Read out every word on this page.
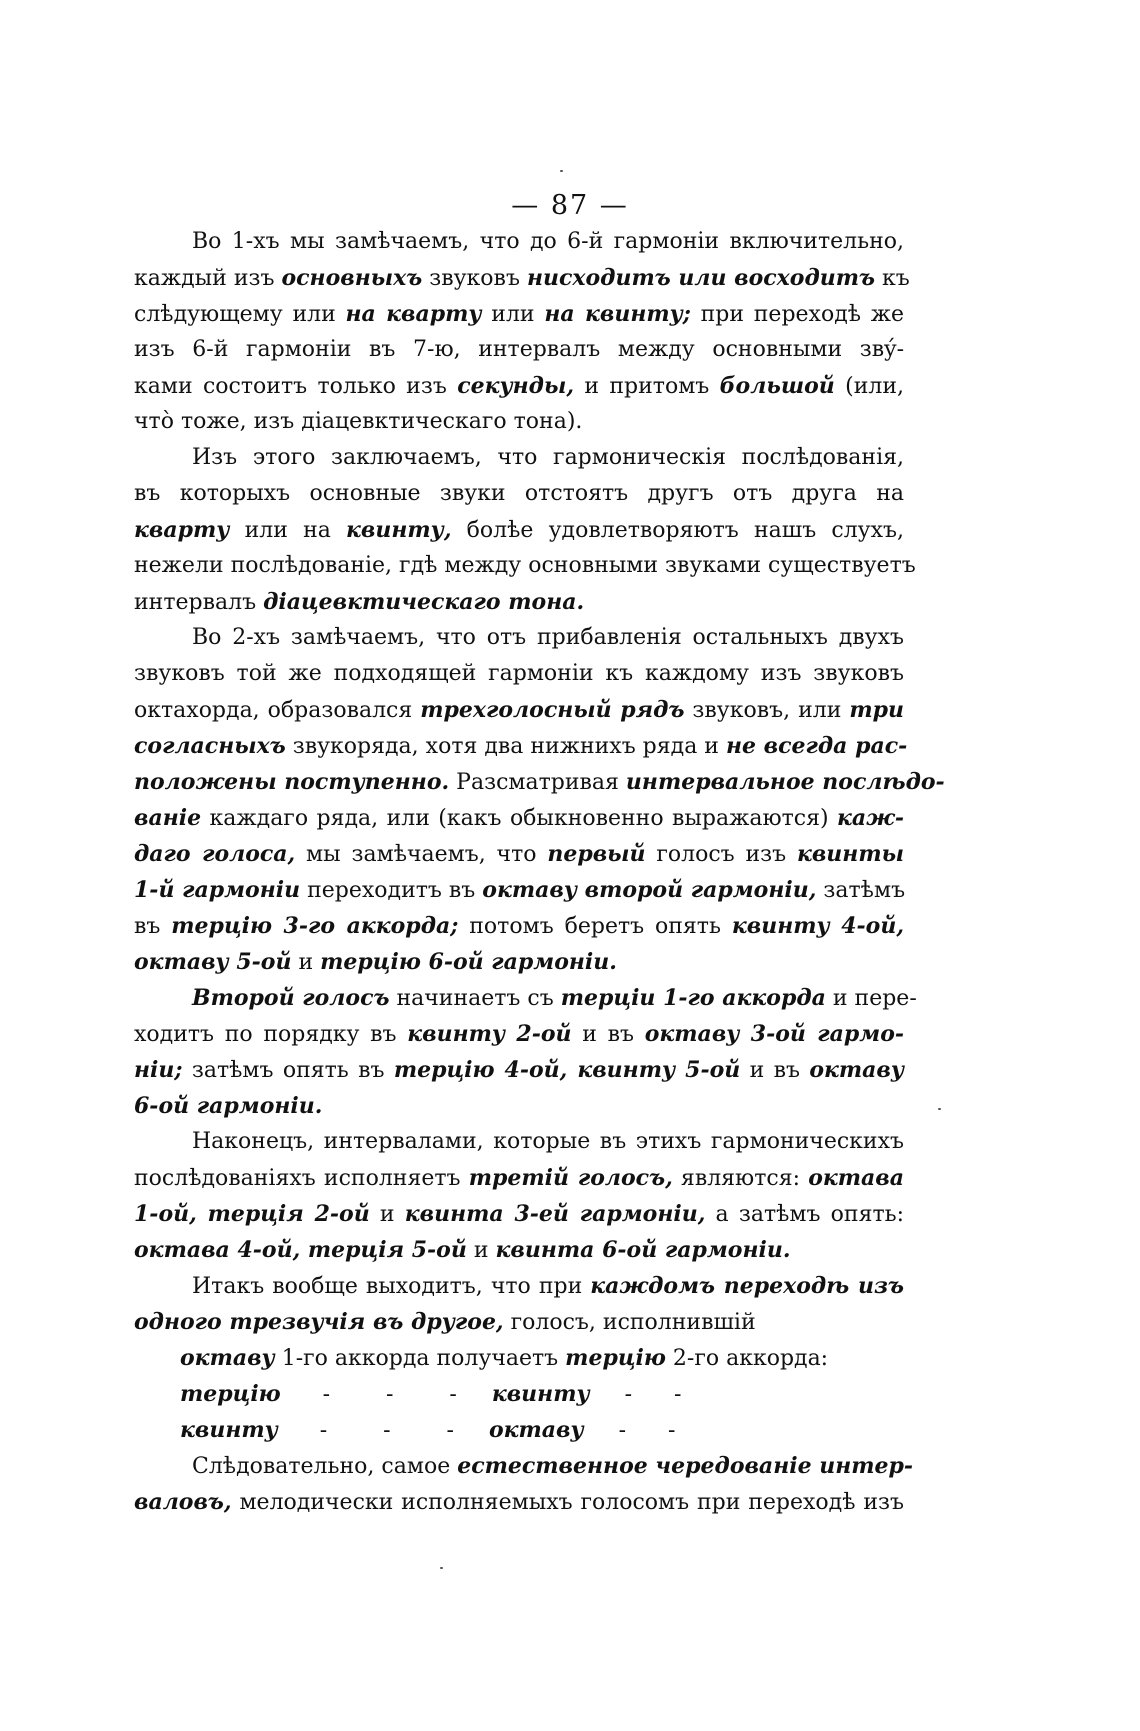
— 87 —
Во 1-хъ мы замѣчаемъ, что до 6-й гармоніи включительно,
каждый изъ основныхъ звуковъ нисходитъ или восходитъ къ
слѣдующему или на кварту или на квинту; при переходѣ же
изъ 6-й гармоніи въ 7-ю, интервалъ между основными звý-
ками состоитъ только изъ секунды, и притомъ большой (или,
чтò тоже, изъ діацевктическаго тона).
Изъ этого заключаемъ, что гармоническія послѣдованія,
въ которыхъ основные звуки отстоятъ другъ отъ друга на
кварту или на квинту, болѣе удовлетворяютъ нашъ слухъ,
нежели послѣдованіе, гдѣ между основными звуками существуетъ
интервалъ діацевктическаго тона.
Во 2-хъ замѣчаемъ, что отъ прибавленія остальныхъ двухъ
звуковъ той же подходящей гармоніи къ каждому изъ звуковъ
октахорда, образовался трехголосный рядъ звуковъ, или три
согласныхъ звукоряда, хотя два нижнихъ ряда и не всегда рас-
положены поступенно. Разсматривая интервальное послѣдо-
ваніе каждаго ряда, или (какъ обыкновенно выражаются) каж-
даго голоса, мы замѣчаемъ, что первый голосъ изъ квинты
1-й гармоніи переходитъ въ октаву второй гармоніи, затѣмъ
въ терцію 3-го аккорда; потомъ беретъ опять квинту 4-ой,
октаву 5-ой и терцію 6-ой гармоніи.
Второй голосъ начинаетъ съ терціи 1-го аккорда и пере-
ходитъ по порядку въ квинту 2-ой и въ октаву 3-ой гармо-
нiи; затѣмъ опять въ терцію 4-ой, квинту 5-ой и въ октаву
6-ой гармоніи.
Наконецъ, интервалами, которые въ этихъ гармоническихъ
послѣдованіяхъ исполняетъ третій голосъ, являются: октава
1-ой, терція 2-ой и квинта 3-ей гармоніи, а затѣмъ опять:
октава 4-ой, терція 5-ой и квинта 6-ой гармоніи.
Итакъ вообще выходитъ, что при каждомъ переходѣ изъ
одного трезвучія въ другое, голосъ, исполнившій
октаву 1-го аккорда получаетъ терцію 2-го аккорда:
терцію      -        -        -     квинту     -      -
квинту      -        -        -     октаву     -      -
Слѣдовательно, самое естественное чередованіе интер-
валовъ, мелодически исполняемыхъ голосомъ при переходѣ изъ
